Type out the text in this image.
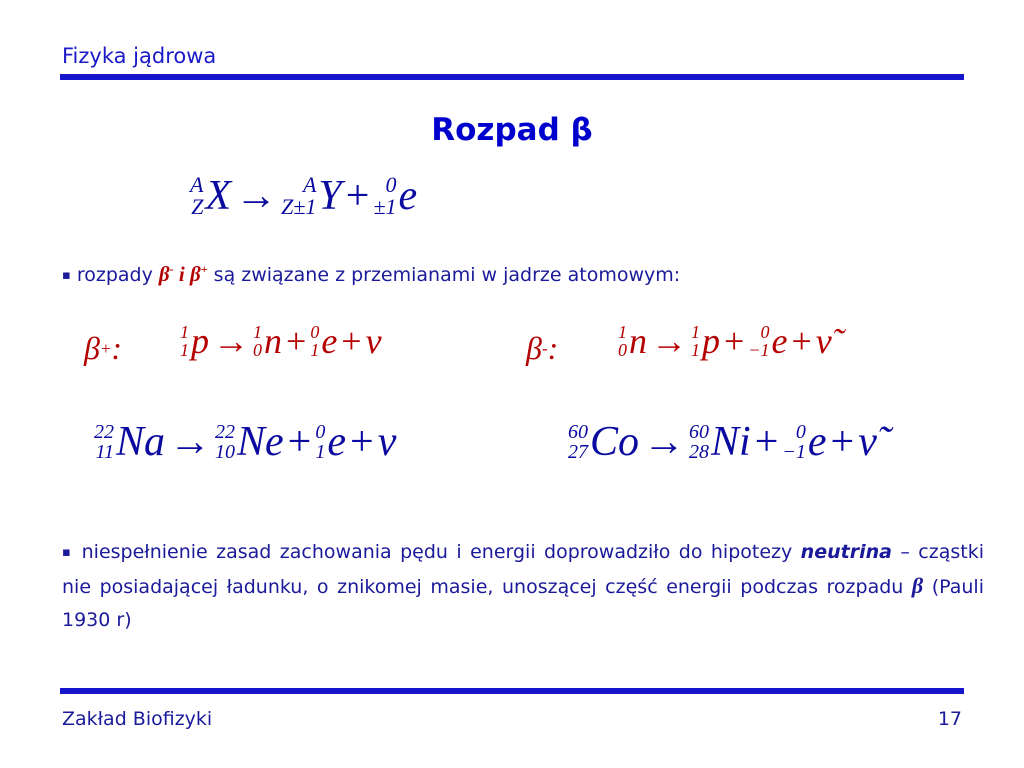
Fizyka jądrowa
Rozpad β
A
Z X → A
Z±1 Y + 0
±1 e
▪ rozpady β- i β+ są związane z przemianami w jadrze atomowym:
β + :	1
1 p → 1
0 n + 0
1 e + ν	β - :	1
0 n → 1
1 p + 0
−1 e + ν̃
22
11 Na → 22
10 Ne + 0
1 e + ν	60
27 Co → 60
28 Ni + 0
−1 e + ν̃
▪ niespełnienie zasad zachowania pędu i energii doprowadziło do hipotezy neutrina – cząstki nie posiadającej ładunku, o znikomej masie, unoszącej część energii podczas rozpadu β (Pauli 1930 r)
Zakład Biofizyki	17
